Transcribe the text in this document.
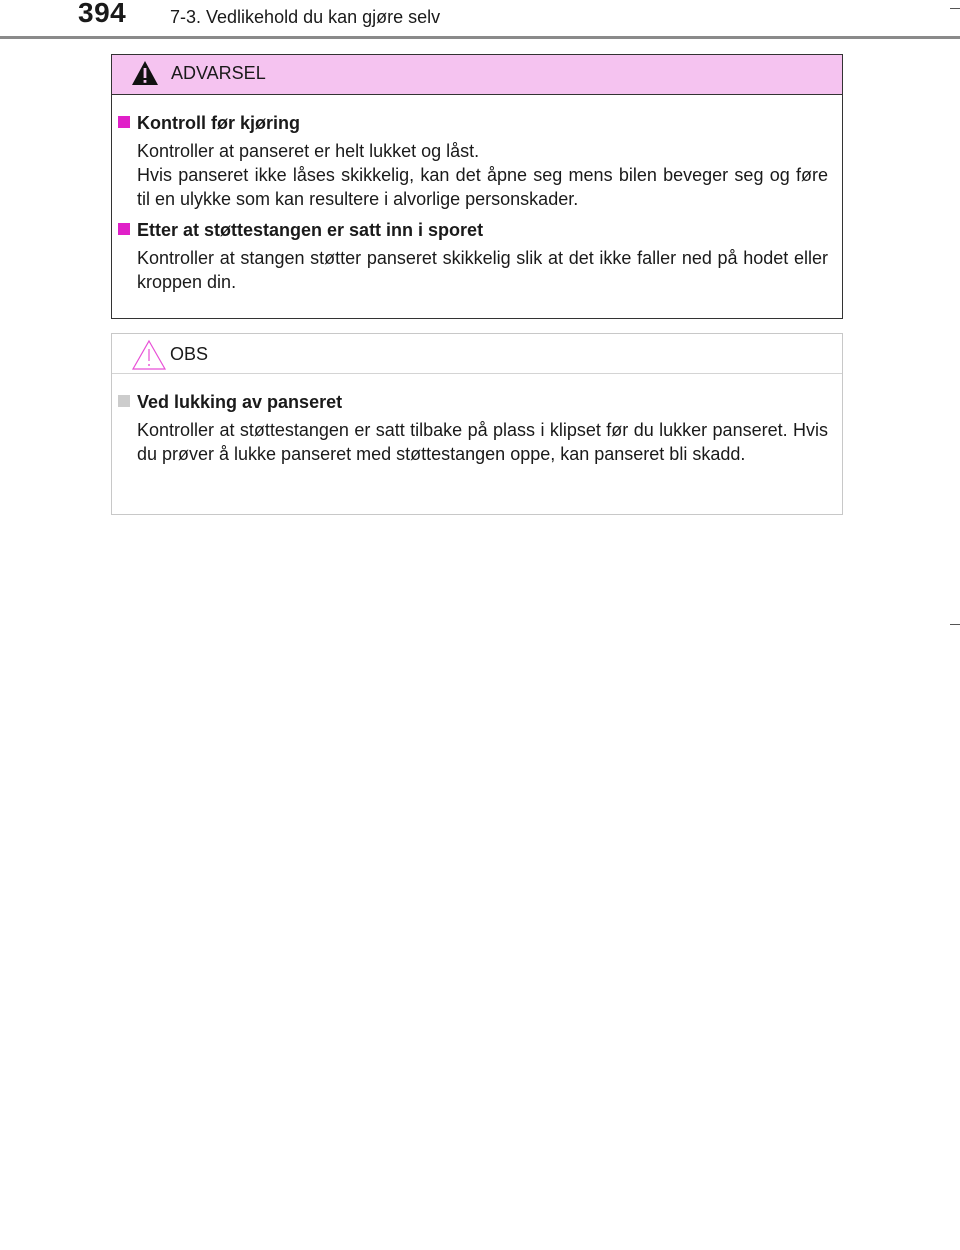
394 7-3. Vedlikehold du kan gjøre selv
ADVARSEL
Kontroll før kjøring

Kontroller at panseret er helt lukket og låst.

Hvis panseret ikke låses skikkelig, kan det åpne seg mens bilen beveger seg og føre til en ulykke som kan resultere i alvorlige personskader.

Etter at støttestangen er satt inn i sporet

Kontroller at stangen støtter panseret skikkelig slik at det ikke faller ned på hodet eller kroppen din.

OBS
Ved lukking av panseret

Kontroller at støttestangen er satt tilbake på plass i klipset før du lukker panseret. Hvis du prøver å lukke panseret med støttestangen oppe, kan panseret bli skadd.
